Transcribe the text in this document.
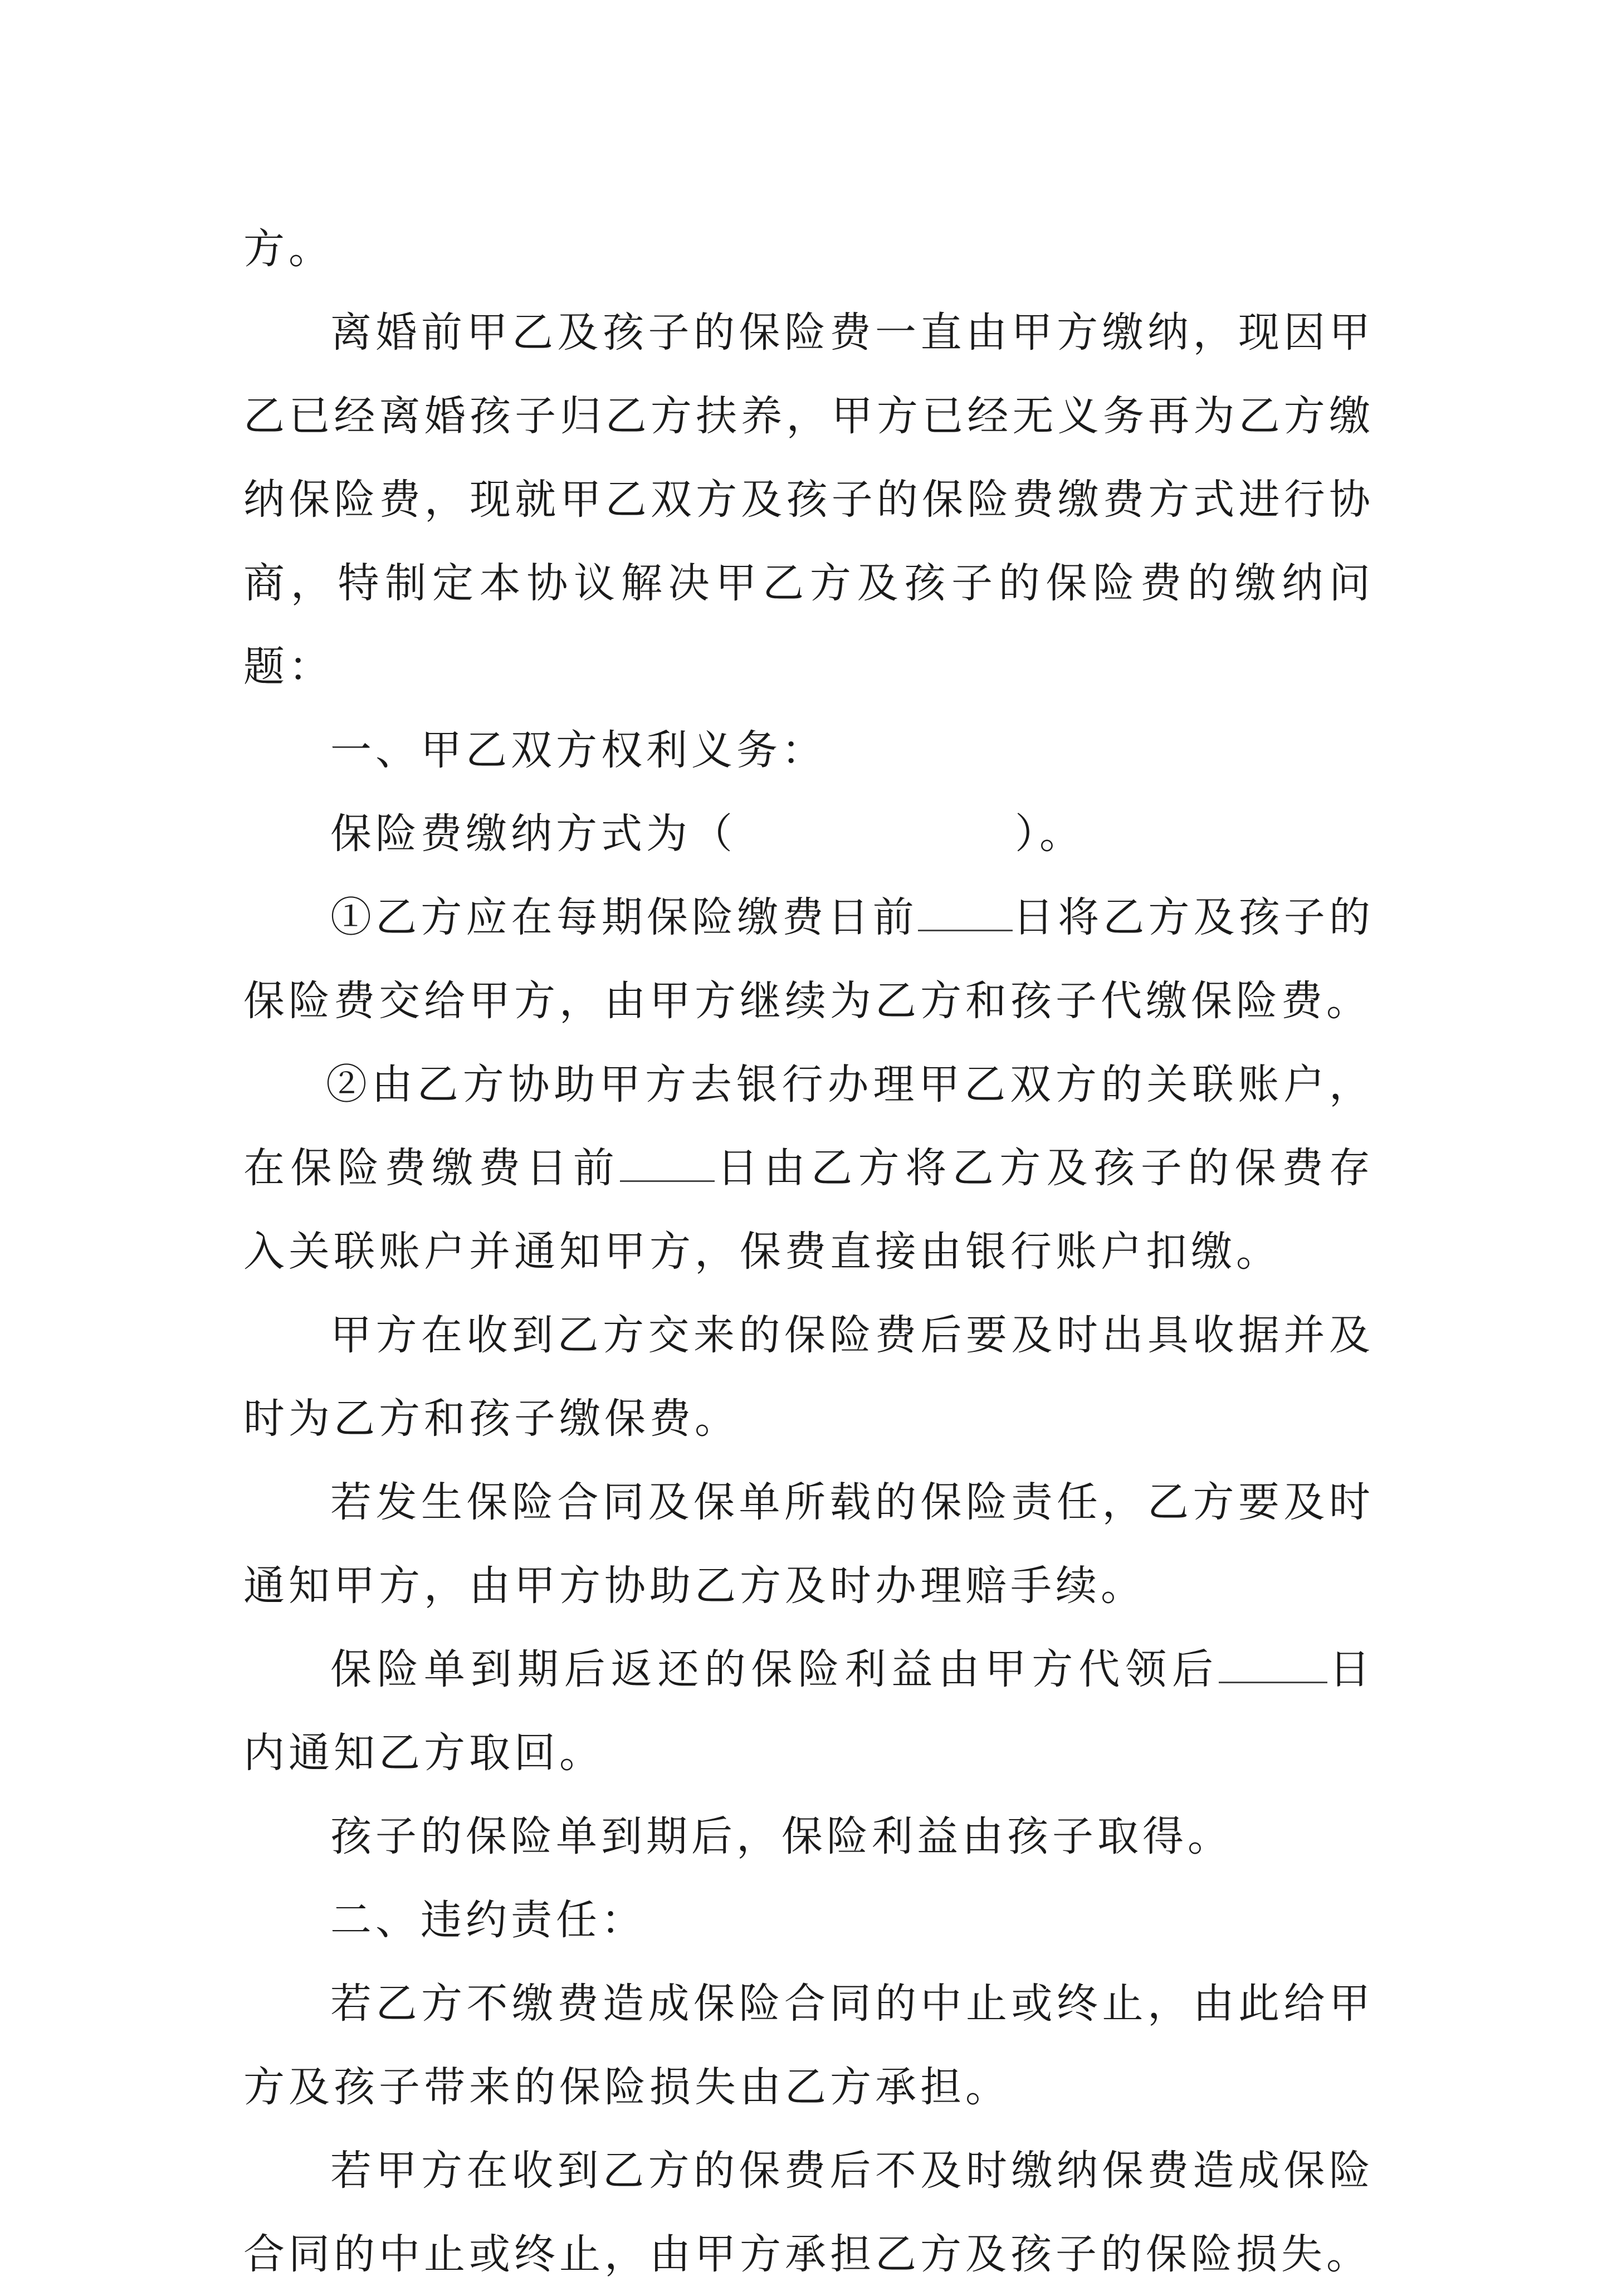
方。

离婚前甲乙及孩子的保险费一直由甲方缴纳，现因甲乙已经离婚孩子归乙方扶养，甲方已经无义务再为乙方缴纳保险费，现就甲乙双方及孩子的保险费缴费方式进行协商，特制定本协议解决甲乙方及孩子的保险费的缴纳问题：

一、甲乙双方权利义务：

保险费缴纳方式为（	）。

①乙方应在每期保险缴费日前 日将乙方及孩子的保险费交给甲方，由甲方继续为乙方和孩子代缴保险费。

②由乙方协助甲方去银行办理甲乙双方的关联账户，在保险费缴费日前 日由乙方将乙方及孩子的保费存入关联账户并通知甲方，保费直接由银行账户扣缴。

甲方在收到乙方交来的保险费后要及时出具收据并及时为乙方和孩子缴保费。

若发生保险合同及保单所载的保险责任，乙方要及时通知甲方，由甲方协助乙方及时办理赔手续。

保险单到期后返还的保险利益由甲方代领后	日内通知乙方取回。

孩子的保险单到期后，保险利益由孩子取得。

二、违约责任：

若乙方不缴费造成保险合同的中止或终止，由此给甲方及孩子带来的保险损失由乙方承担。

若甲方在收到乙方的保费后不及时缴纳保费造成保险合同的中止或终止，由甲方承担乙方及孩子的保险损失。
